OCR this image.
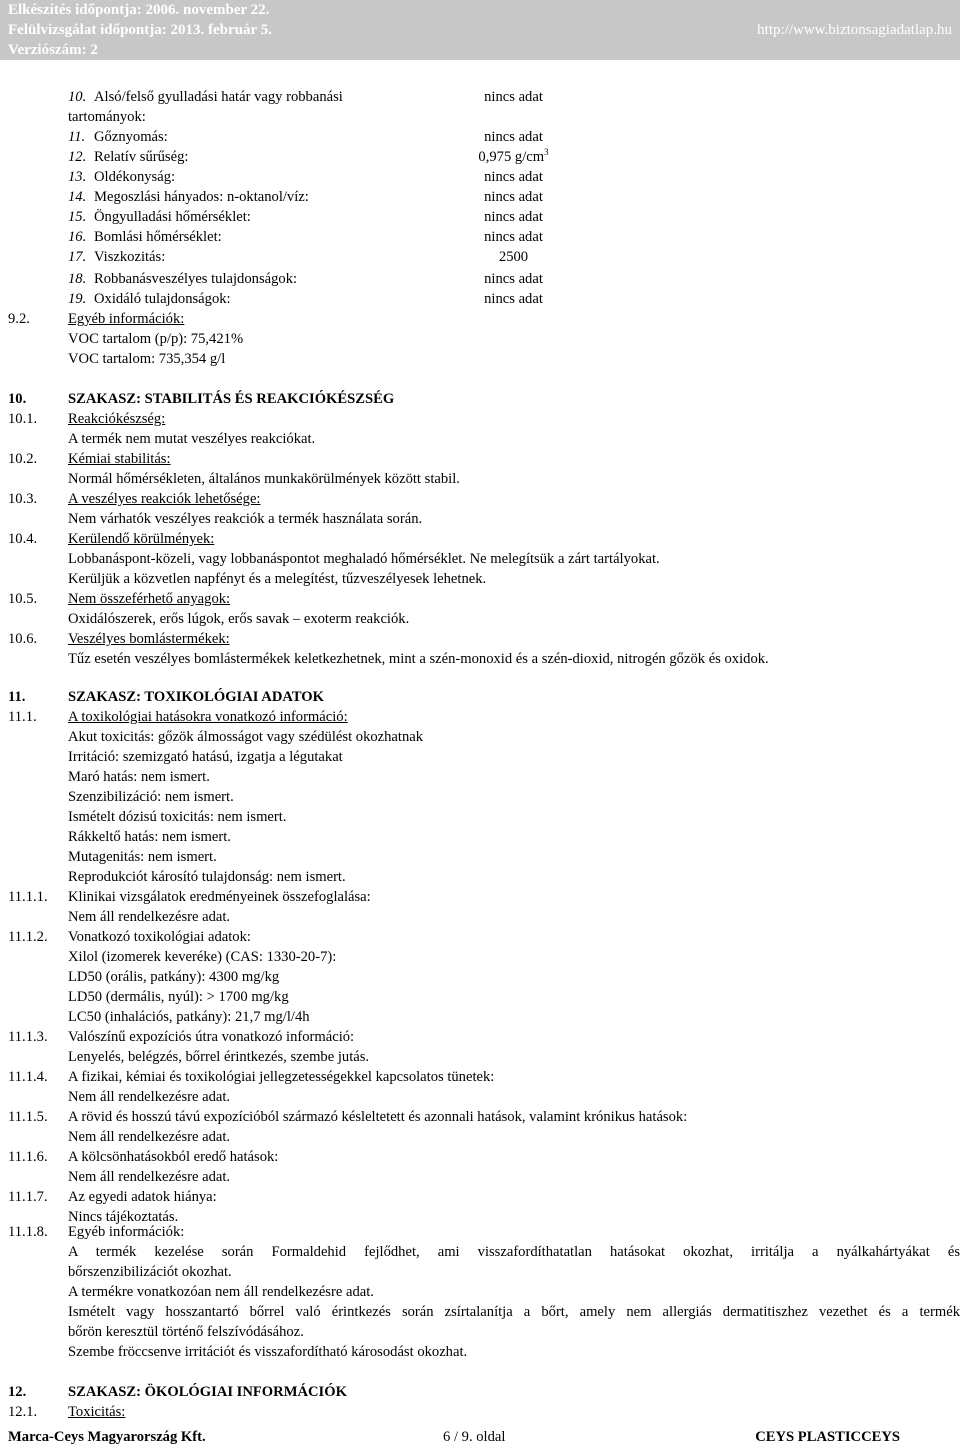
Elkészítés időpontja: 2006. november 22.
Felülvizsgálat időpontja: 2013. február 5.
Verziószám: 2
http://www.biztonsagiadatlap.hu
10. Alsó/felső gyulladási határ vagy robbanási
tartományok:
nincs adat
11. Gőznyomás:	nincs adat
12. Relatív sűrűség:	0,975 $g/cm^3$
13. Oldékonyság:	nincs adat
14. Megoszlási hányados: n-oktanol/víz:	nincs adat
15. Öngyulladási hőmérséklet:	nincs adat
16. Bomlási hőmérséklet:	nincs adat
17. Viszkozitás:	2500
18. Robbanásveszélyes tulajdonságok:	nincs adat
19. Oxidáló tulajdonságok:	nincs adat
9.2.	Egyéb információk:
VOC tartalom (p/p): 75,421%
VOC tartalom: 735,354 g/l
10.	SZAKASZ: STABILITÁS ÉS REAKCIÓKÉSZSÉG
10.1. Reakciókészség:
A termék nem mutat veszélyes reakciókat.
10.2. Kémiai stabilitás:
Normál hőmérsékleten, általános munkakörülmények között stabil.
10.3. A veszélyes reakciók lehetősége:
Nem várhatók veszélyes reakciók a termék használata során.
10.4. Kerülendő körülmények:
Lobbanáspont-közeli, vagy lobbanáspontot meghaladó hőmérséklet. Ne melegítsük a zárt tartályokat.
Kerüljük a közvetlen napfényt és a melegítést, tűzveszélyesek lehetnek.
10.5. Nem összeférhető anyagok:
Oxidálószerek, erős lúgok, erős savak – exoterm reakciók.
10.6. Veszélyes bomlástermékek:
Tűz esetén veszélyes bomlástermékek keletkezhetnek, mint a szén-monoxid és a szén-dioxid, nitrogén gőzök és oxidok.
11.	SZAKASZ: TOXIKOLÓGIAI ADATOK
11.1. A toxikológiai hatásokra vonatkozó információ:
Akut toxicitás: gőzök álmosságot vagy szédülést okozhatnak
Irritáció: szemizgató hatású, izgatja a légutakat
Maró hatás: nem ismert.
Szenzibilizáció: nem ismert.
Ismételt dózisú toxicitás: nem ismert.
Rákkeltő hatás: nem ismert.
Mutagenitás: nem ismert.
Reprodukciót károsító tulajdonság: nem ismert.
11.1.1. Klinikai vizsgálatok eredményeinek összefoglalása:
Nem áll rendelkezésre adat.
11.1.2. Vonatkozó toxikológiai adatok:
Xilol (izomerek keveréke) (CAS: 1330-20-7):
LD50 (orális, patkány): 4300 mg/kg
LD50 (dermális, nyúl): > 1700 mg/kg
LC50 (inhalációs, patkány): 21,7 mg/l/4h
11.1.3. Valószínű expozíciós útra vonatkozó információ:
Lenyelés, belégzés, bőrrel érintkezés, szembe jutás.
11.1.4. A fizikai, kémiai és toxikológiai jellegzetességekkel kapcsolatos tünetek:
Nem áll rendelkezésre adat.
11.1.5. A rövid és hosszú távú expozícióból származó késleltetett és azonnali hatások, valamint krónikus hatások:
Nem áll rendelkezésre adat.
11.1.6. A kölcsönhatásokból eredő hatások:
Nem áll rendelkezésre adat.
11.1.7. Az egyedi adatok hiánya:
Nincs tájékoztatás.
11.1.8. Egyéb információk:
A termék kezelése során Formaldehid fejlődhet, ami visszafordíthatatlan hatásokat okozhat, irritálja a nyálkahártyákat és
bőrszenzibilizációt okozhat.
A termékre vonatkozóan nem áll rendelkezésre adat.
Ismételt vagy hosszantartó bőrrel való érintkezés során zsírtalanítja a bőrt, amely nem allergiás dermatitiszhez vezethet és a termék
bőrön keresztül történő felszívódásához.
Szembe fröccsenve irritációt és visszafordítható károsodást okozhat.
12.	SZAKASZ: ÖKOLÓGIAI INFORMÁCIÓK
12.1. Toxicitás:
Marca-Ceys Magyarország Kft.	6 / 9. oldal	CEYS PLASTICCEYS
